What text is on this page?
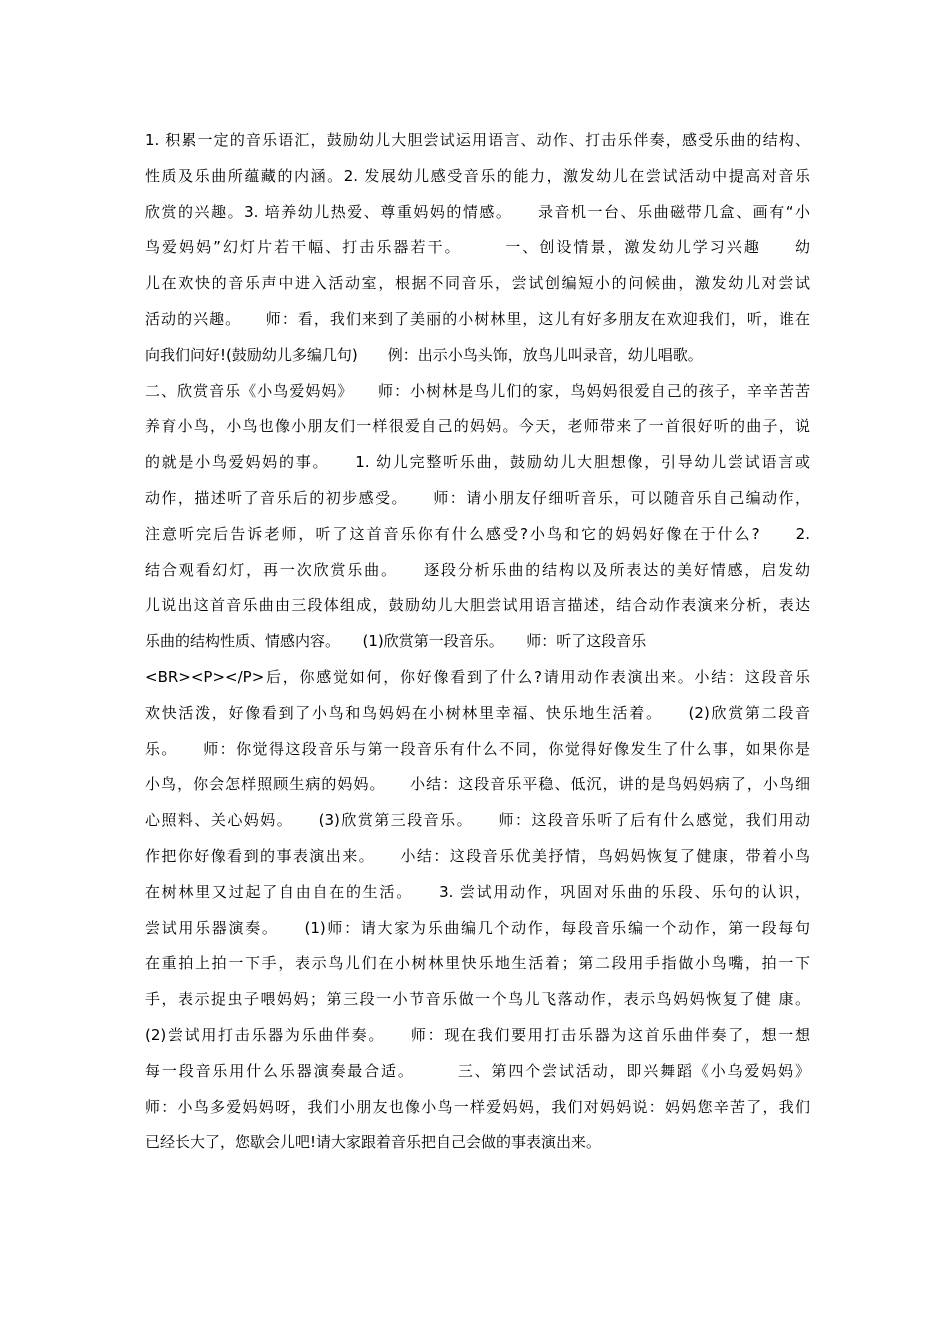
1. 积累一定的音乐语汇，鼓励幼儿大胆尝试运用语言、动作、打击乐伴奏，感受乐曲的结构、
性质及乐曲所蕴藏的内涵。2. 发展幼儿感受音乐的能力，激发幼儿在尝试活动中提高对音乐
欣赏的兴趣。3. 培养幼儿热爱、尊重妈妈的情感。　　录音机一台、乐曲磁带几盒、画有“小
鸟爱妈妈”幻灯片若干幅、打击乐器若干。　　　一、创设情景，激发幼儿学习兴趣　　幼
儿在欢快的音乐声中进入活动室，根据不同音乐，尝试创编短小的问候曲，激发幼儿对尝试
活动的兴趣。　　师：看，我们来到了美丽的小树林里，这儿有好多朋友在欢迎我们，听，谁在
向我们问好!(鼓励幼儿多编几句)　　例：出示小鸟头饰，放鸟儿叫录音，幼儿唱歌。
二、欣赏音乐《小鸟爱妈妈》　　师：小树林是鸟儿们的家，鸟妈妈很爱自己的孩子，辛辛苦苦
养育小鸟，小鸟也像小朋友们一样很爱自己的妈妈。今天，老师带来了一首很好听的曲子，说
的就是小鸟爱妈妈的事。　　1. 幼儿完整听乐曲，鼓励幼儿大胆想像，引导幼儿尝试语言或
动作，描述听了音乐后的初步感受。　　师：请小朋友仔细听音乐，可以随音乐自己编动作，
注意听完后告诉老师，听了这首音乐你有什么感受?小鸟和它的妈妈好像在于什么?　　2.
结合观看幻灯，再一次欣赏乐曲。　　逐段分析乐曲的结构以及所表达的美好情感，启发幼
儿说出这首音乐曲由三段体组成，鼓励幼儿大胆尝试用语言描述，结合动作表演来分析，表达
乐曲的结构性质、情感内容。　　(1)欣赏第一段音乐。　　师：听了这段音乐
<BR><P></P>后，你感觉如何，你好像看到了什么?请用动作表演出来。小结：这段音乐
欢快活泼，好像看到了小鸟和鸟妈妈在小树林里幸福、快乐地生活着。　　(2)欣赏第二段音
乐。　　师：你觉得这段音乐与第一段音乐有什么不同，你觉得好像发生了什么事，如果你是
小鸟，你会怎样照顾生病的妈妈。　　小结：这段音乐平稳、低沉，讲的是鸟妈妈病了，小鸟细
心照料、关心妈妈。　　(3)欣赏第三段音乐。　　师：这段音乐听了后有什么感觉，我们用动
作把你好像看到的事表演出来。　　小结：这段音乐优美抒情，鸟妈妈恢复了健康，带着小鸟
在树林里又过起了自由自在的生活。　　3. 尝试用动作，巩固对乐曲的乐段、乐句的认识，
尝试用乐器演奏。　　(1)师：请大家为乐曲编几个动作，每段音乐编一个动作，第一段每句
在重拍上拍一下手，表示鸟儿们在小树林里快乐地生活着；第二段用手指做小鸟嘴，拍一下
手，表示捉虫子喂妈妈；第三段一小节音乐做一个鸟儿飞落动作，表示鸟妈妈恢复了健 康。
(2)尝试用打击乐器为乐曲伴奏。　　师：现在我们要用打击乐器为这首乐曲伴奏了，想一想
每一段音乐用什么乐器演奏最合适。　　　三、第四个尝试活动，即兴舞蹈《小乌爱妈妈》
师：小鸟多爱妈妈呀，我们小朋友也像小鸟一样爱妈妈，我们对妈妈说：妈妈您辛苦了，我们
已经长大了，您歇会儿吧!请大家跟着音乐把自己会做的事表演出来。
